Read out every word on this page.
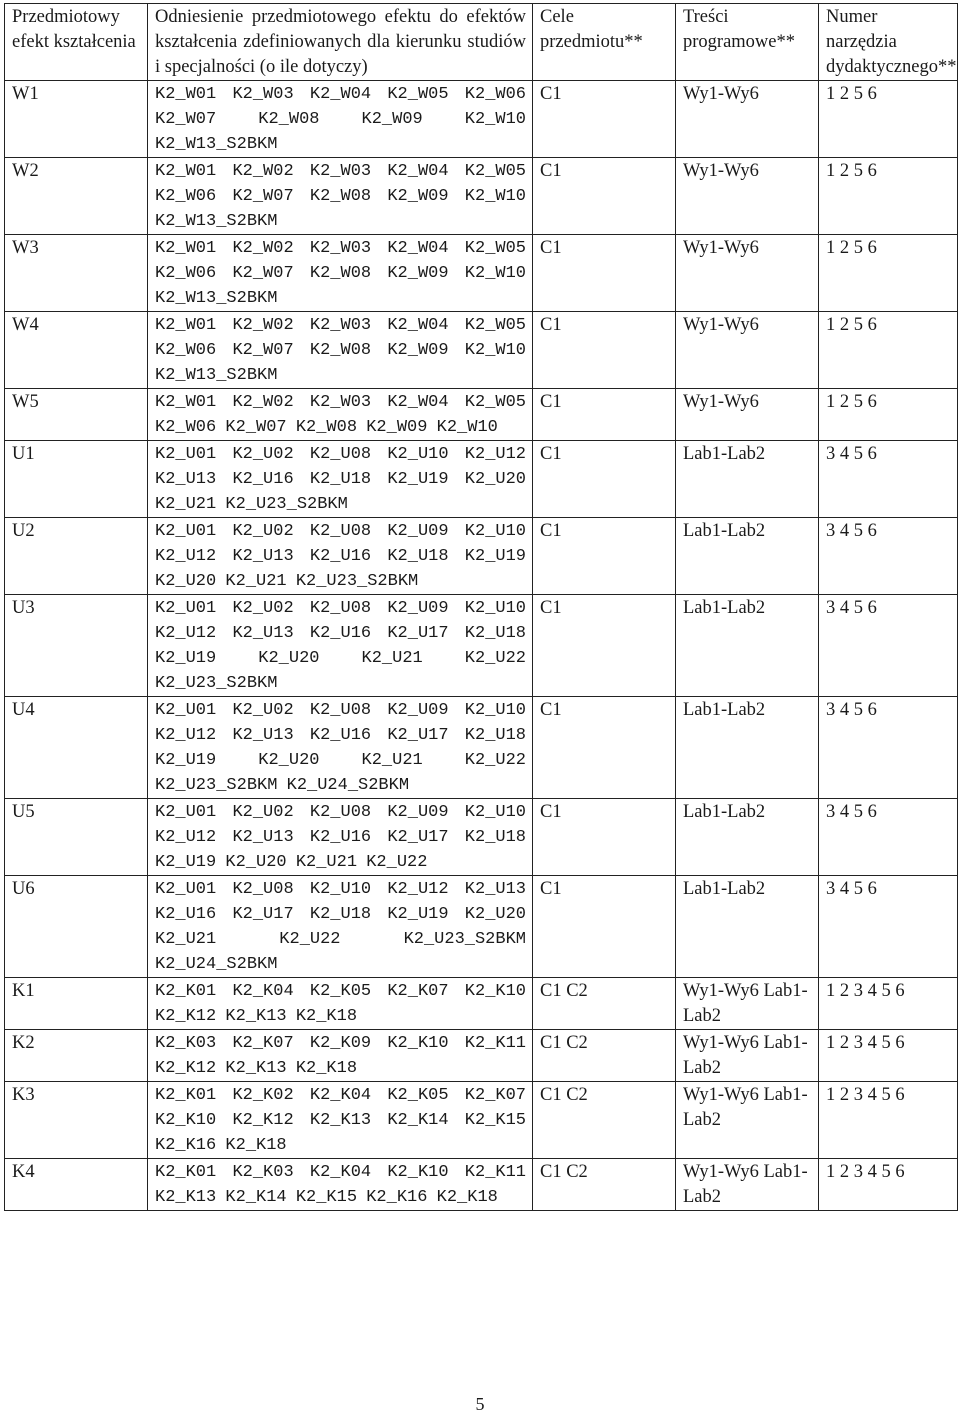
Przedmiotowy efekt kształcenia	Odniesienie przedmiotowego efektu do efektów kształcenia zdefiniowanych dla kierunku studiów i specjalności (o ile dotyczy)	Cele przedmiotu**	Treści programowe**	Numer narzędzia dydaktycznego**
W1	K2_W01 K2_W03 K2_W04 K2_W05 K2_W06 K2_W07 K2_W08 K2_W09 K2_W10 K2_W13_S2BKM	C1	Wy1-Wy6	1 2 5 6
W2	K2_W01 K2_W02 K2_W03 K2_W04 K2_W05 K2_W06 K2_W07 K2_W08 K2_W09 K2_W10 K2_W13_S2BKM	C1	Wy1-Wy6	1 2 5 6
W3	K2_W01 K2_W02 K2_W03 K2_W04 K2_W05 K2_W06 K2_W07 K2_W08 K2_W09 K2_W10 K2_W13_S2BKM	C1	Wy1-Wy6	1 2 5 6
W4	K2_W01 K2_W02 K2_W03 K2_W04 K2_W05 K2_W06 K2_W07 K2_W08 K2_W09 K2_W10 K2_W13_S2BKM	C1	Wy1-Wy6	1 2 5 6
W5	K2_W01 K2_W02 K2_W03 K2_W04 K2_W05 K2_W06 K2_W07 K2_W08 K2_W09 K2_W10	C1	Wy1-Wy6	1 2 5 6
U1	K2_U01 K2_U02 K2_U08 K2_U10 K2_U12 K2_U13 K2_U16 K2_U18 K2_U19 K2_U20 K2_U21 K2_U23_S2BKM	C1	Lab1-Lab2	3 4 5 6
U2	K2_U01 K2_U02 K2_U08 K2_U09 K2_U10 K2_U12 K2_U13 K2_U16 K2_U18 K2_U19 K2_U20 K2_U21 K2_U23_S2BKM	C1	Lab1-Lab2	3 4 5 6
U3	K2_U01 K2_U02 K2_U08 K2_U09 K2_U10 K2_U12 K2_U13 K2_U16 K2_U17 K2_U18 K2_U19 K2_U20 K2_U21 K2_U22 K2_U23_S2BKM	C1	Lab1-Lab2	3 4 5 6
U4	K2_U01 K2_U02 K2_U08 K2_U09 K2_U10 K2_U12 K2_U13 K2_U16 K2_U17 K2_U18 K2_U19 K2_U20 K2_U21 K2_U22 K2_U23_S2BKM K2_U24_S2BKM	C1	Lab1-Lab2	3 4 5 6
U5	K2_U01 K2_U02 K2_U08 K2_U09 K2_U10 K2_U12 K2_U13 K2_U16 K2_U17 K2_U18 K2_U19 K2_U20 K2_U21 K2_U22	C1	Lab1-Lab2	3 4 5 6
U6	K2_U01 K2_U08 K2_U10 K2_U12 K2_U13 K2_U16 K2_U17 K2_U18 K2_U19 K2_U20 K2_U21 K2_U22 K2_U23_S2BKM K2_U24_S2BKM	C1	Lab1-Lab2	3 4 5 6
K1	K2_K01 K2_K04 K2_K05 K2_K07 K2_K10 K2_K12 K2_K13 K2_K18	C1 C2	Wy1-Wy6 Lab1-Lab2	1 2 3 4 5 6
K2	K2_K03 K2_K07 K2_K09 K2_K10 K2_K11 K2_K12 K2_K13 K2_K18	C1 C2	Wy1-Wy6 Lab1-Lab2	1 2 3 4 5 6
K3	K2_K01 K2_K02 K2_K04 K2_K05 K2_K07 K2_K10 K2_K12 K2_K13 K2_K14 K2_K15 K2_K16 K2_K18	C1 C2	Wy1-Wy6 Lab1-Lab2	1 2 3 4 5 6
K4	K2_K01 K2_K03 K2_K04 K2_K10 K2_K11 K2_K13 K2_K14 K2_K15 K2_K16 K2_K18	C1 C2	Wy1-Wy6 Lab1-Lab2	1 2 3 4 5 6
5
